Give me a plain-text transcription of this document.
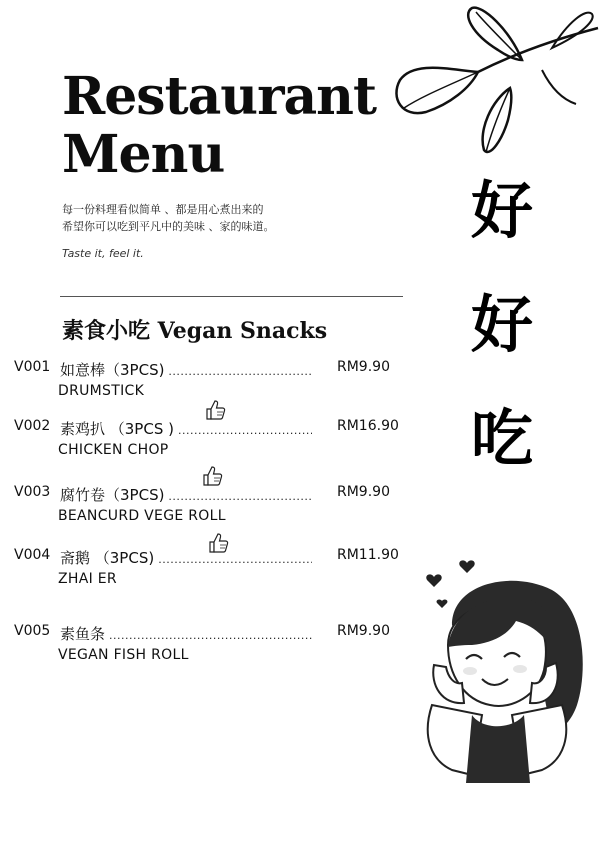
Restaurant
Menu
每一份料理看似简单 、都是用心煮出来的
希望你可以吃到平凡中的美味 、家的味道。
Taste it, feel it.
素食小吃 Vegan Snacks
V001 如意棒（3PCS) .....	RM9.90
DRUMSTICK
V002 素鸡扒 （3PCS ) .....	RM16.90
CHICKEN CHOP
V003 腐竹卷（3PCS) .....	RM9.90
BEANCURD VEGE ROLL
V004 斋鹅 （3PCS) .....	RM11.90
ZHAI ER
V005 素鱼条 .....	RM9.90
VEGAN FISH ROLL
好
好
吃
